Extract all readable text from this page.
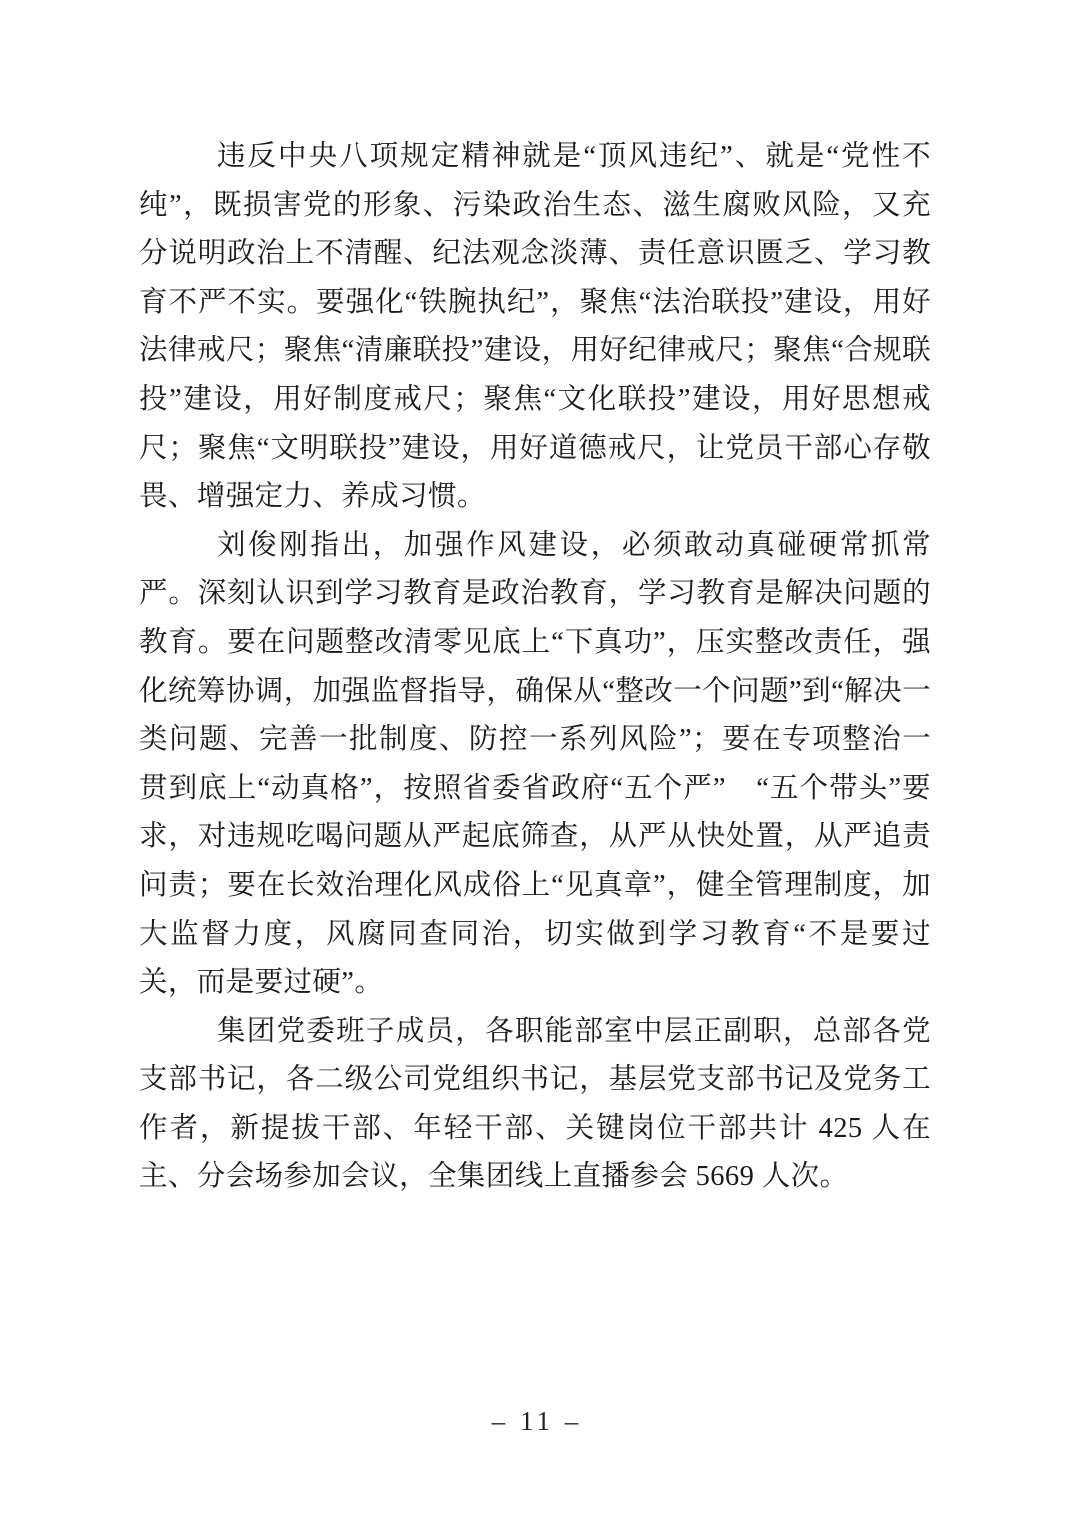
违反中央八项规定精神就是“顶风违纪”、就是“党性不纯”，既损害党的形象、污染政治生态、滋生腐败风险，又充分说明政治上不清醒、纪法观念淡薄、责任意识匮乏、学习教育不严不实。要强化“铁腕执纪”，聚焦“法治联投”建设，用好法律戒尺；聚焦“清廉联投”建设，用好纪律戒尺；聚焦“合规联投”建设，用好制度戒尺；聚焦“文化联投”建设，用好思想戒尺；聚焦“文明联投”建设，用好道德戒尺，让党员干部心存敬畏、增强定力、养成习惯。

刘俊刚指出，加强作风建设，必须敢动真碰硬常抓常严。深刻认识到学习教育是政治教育，学习教育是解决问题的教育。要在问题整改清零见底上“下真功”，压实整改责任，强化统筹协调，加强监督指导，确保从“整改一个问题”到“解决一类问题、完善一批制度、防控一系列风险”；要在专项整治一贯到底上“动真格”，按照省委省政府“五个严”　“五个带头”要求，对违规吃喝问题从严起底筛查，从严从快处置，从严追责问责；要在长效治理化风成俗上“见真章”，健全管理制度，加大监督力度，风腐同查同治，切实做到学习教育“不是要过关，而是要过硬”。

集团党委班子成员，各职能部室中层正副职，总部各党支部书记，各二级公司党组织书记，基层党支部书记及党务工作者，新提拔干部、年轻干部、关键岗位干部共计 425 人在主、分会场参加会议，全集团线上直播参会 5669 人次。

– 11 –
